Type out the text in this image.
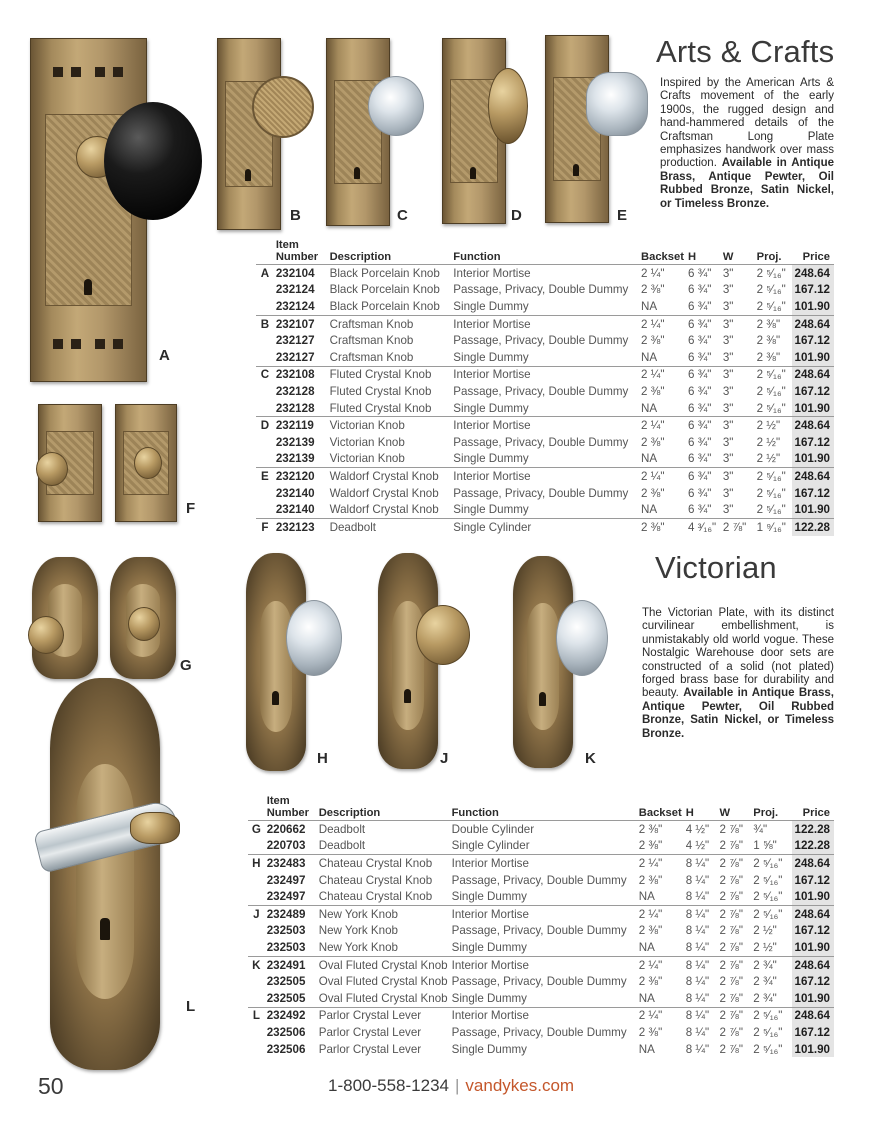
A
B	C	D	E
F
Arts & Crafts
Inspired by the American Arts & Crafts movement of the early 1900s, the rugged design and hand-hammered details of the Craftsman Long Plate emphasizes handwork over mass production. Available in Antique Brass, Antique Pewter, Oil Rubbed Bronze, Satin Nickel, or Timeless Bronze.
	Item Number	Description	Function	Backset	H	W	Proj.	Price
A	232104	Black Porcelain Knob	Interior Mortise	2 ¼"	6 ¾"	3"	2 ⁵⁄₁₆"	248.64
	232124	Black Porcelain Knob	Passage, Privacy, Double Dummy	2 ⅜"	6 ¾"	3"	2 ⁵⁄₁₆"	167.12
	232124	Black Porcelain Knob	Single Dummy	NA	6 ¾"	3"	2 ⁵⁄₁₆"	101.90
B	232107	Craftsman Knob	Interior Mortise	2 ¼"	6 ¾"	3"	2 ⅜"	248.64
	232127	Craftsman Knob	Passage, Privacy, Double Dummy	2 ⅜"	6 ¾"	3"	2 ⅜"	167.12
	232127	Craftsman Knob	Single Dummy	NA	6 ¾"	3"	2 ⅜"	101.90
C	232108	Fluted Crystal Knob	Interior Mortise	2 ¼"	6 ¾"	3"	2 ⁵⁄₁₆"	248.64
	232128	Fluted Crystal Knob	Passage, Privacy, Double Dummy	2 ⅜"	6 ¾"	3"	2 ⁵⁄₁₆"	167.12
	232128	Fluted Crystal Knob	Single Dummy	NA	6 ¾"	3"	2 ⁵⁄₁₆"	101.90
D	232119	Victorian Knob	Interior Mortise	2 ¼"	6 ¾"	3"	2 ½"	248.64
	232139	Victorian Knob	Passage, Privacy, Double Dummy	2 ⅜"	6 ¾"	3"	2 ½"	167.12
	232139	Victorian Knob	Single Dummy	NA	6 ¾"	3"	2 ½"	101.90
E	232120	Waldorf Crystal Knob	Interior Mortise	2 ¼"	6 ¾"	3"	2 ⁵⁄₁₆"	248.64
	232140	Waldorf Crystal Knob	Passage, Privacy, Double Dummy	2 ⅜"	6 ¾"	3"	2 ⁵⁄₁₆"	167.12
	232140	Waldorf Crystal Knob	Single Dummy	NA	6 ¾"	3"	2 ⁵⁄₁₆"	101.90
F	232123	Deadbolt	Single Cylinder	2 ⅜"	4 ³⁄₁₆"	2 ⅞"	1 ⁹⁄₁₆"	122.28
G
H	J	K
L
Victorian
The Victorian Plate, with its distinct curvilinear embellishment, is unmistakably old world vogue. These Nostalgic Warehouse door sets are constructed of a solid (not plated) forged brass base for durability and beauty. Available in Antique Brass, Antique Pewter, Oil Rubbed Bronze, Satin Nickel, or Timeless Bronze.
	Item Number	Description	Function	Backset	H	W	Proj.	Price
G	220662	Deadbolt	Double Cylinder	2 ⅜"	4 ½"	2 ⅞"	¾"	122.28
	220703	Deadbolt	Single Cylinder	2 ⅜"	4 ½"	2 ⅞"	1 ⅝"	122.28
H	232483	Chateau Crystal Knob	Interior Mortise	2 ¼"	8 ¼"	2 ⅞"	2 ⁵⁄₁₆"	248.64
	232497	Chateau Crystal Knob	Passage, Privacy, Double Dummy	2 ⅜"	8 ¼"	2 ⅞"	2 ⁵⁄₁₆"	167.12
	232497	Chateau Crystal Knob	Single Dummy	NA	8 ¼"	2 ⅞"	2 ⁵⁄₁₆"	101.90
J	232489	New York Knob	Interior Mortise	2 ¼"	8 ¼"	2 ⅞"	2 ⁵⁄₁₆"	248.64
	232503	New York Knob	Passage, Privacy, Double Dummy	2 ⅜"	8 ¼"	2 ⅞"	2 ½"	167.12
	232503	New York Knob	Single Dummy	NA	8 ¼"	2 ⅞"	2 ½"	101.90
K	232491	Oval Fluted Crystal Knob	Interior Mortise	2 ¼"	8 ¼"	2 ⅞"	2 ¾"	248.64
	232505	Oval Fluted Crystal Knob	Passage, Privacy, Double Dummy	2 ⅜"	8 ¼"	2 ⅞"	2 ¾"	167.12
	232505	Oval Fluted Crystal Knob	Single Dummy	NA	8 ¼"	2 ⅞"	2 ¾"	101.90
L	232492	Parlor Crystal Lever	Interior Mortise	2 ¼"	8 ¼"	2 ⅞"	2 ⁵⁄₁₆"	248.64
	232506	Parlor Crystal Lever	Passage, Privacy, Double Dummy	2 ⅜"	8 ¼"	2 ⅞"	2 ⁵⁄₁₆"	167.12
	232506	Parlor Crystal Lever	Single Dummy	NA	8 ¼"	2 ⅞"	2 ⁵⁄₁₆"	101.90
50	1-800-558-1234 | vandykes.com
